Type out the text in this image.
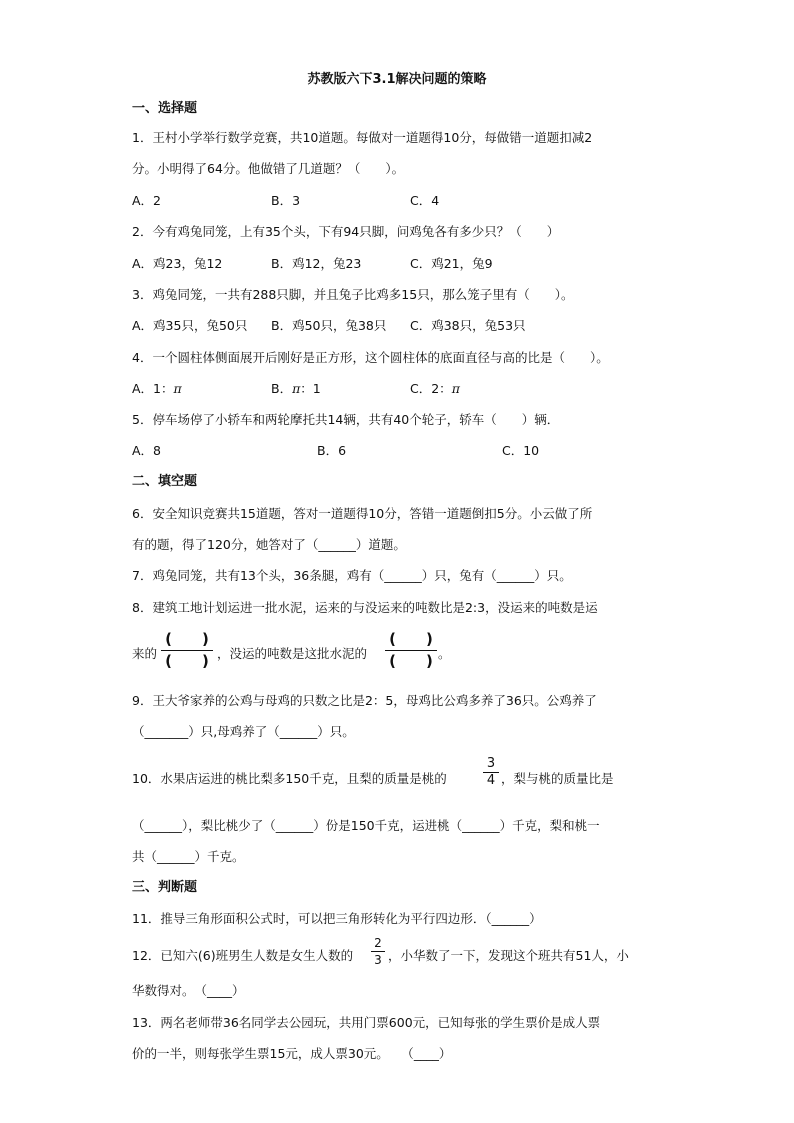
苏教版六下3.1解决问题的策略
一、选择题
1．王村小学举行数学竞赛，共10道题。每做对一道题得10分，每做错一道题扣减2
分。小明得了64分。他做错了几道题？（　　）。
A．2	B．3	C．4
2．今有鸡兔同笼，上有35个头，下有94只脚，问鸡兔各有多少只？（　　）
A．鸡23，兔12	B．鸡12，兔23	C．鸡21，兔9
3．鸡兔同笼，一共有288只脚，并且兔子比鸡多15只，那么笼子里有（　　）。
A．鸡35只，兔50只 B．鸡50只，兔38只 C．鸡38只，兔53只
4．一个圆柱体侧面展开后刚好是正方形，这个圆柱体的底面直径与高的比是（　　）。
A．1：π	B．π：1	C．2：π
5．停车场停了小轿车和两轮摩托共14辆，共有40个轮子，轿车（　　）辆．
A．8	B．6	C．10
二、填空题
6．安全知识竞赛共15道题，答对一道题得10分，答错一道题倒扣5分。小云做了所
有的题，得了120分，她答对了（______）道题。
7．鸡兔同笼，共有13个头，36条腿，鸡有（______）只，兔有（______）只。
8．建筑工地计划运进一批水泥，运来的与没运来的吨数比是2:3，没运来的吨数是运
来的
(　　 )
(　　 ) ，没运的吨数是这批水泥的
(　　 )
(　　 ) 。
9．王大爷家养的公鸡与母鸡的只数之比是2：5，母鸡比公鸡多养了36只。公鸡养了
（_______）只,母鸡养了（______）只。
10．水果店运进的桃比梨多150千克，且梨的质量是桃的
3
4 ，梨与桃的质量比是
（______），梨比桃少了（______）份是150千克，运进桃（______）千克，梨和桃一
共（______）千克。
三、判断题
11．推导三角形面积公式时，可以把三角形转化为平行四边形．（______）
12．已知六(6)班男生人数是女生人数的
2
3 ，小华数了一下，发现这个班共有51人，小
华数得对。　（____）
13．两名老师带36名同学去公园玩，共用门票600元，已知每张的学生票价是成人票
价的一半，则每张学生票15元，成人票30元。　　（____）
